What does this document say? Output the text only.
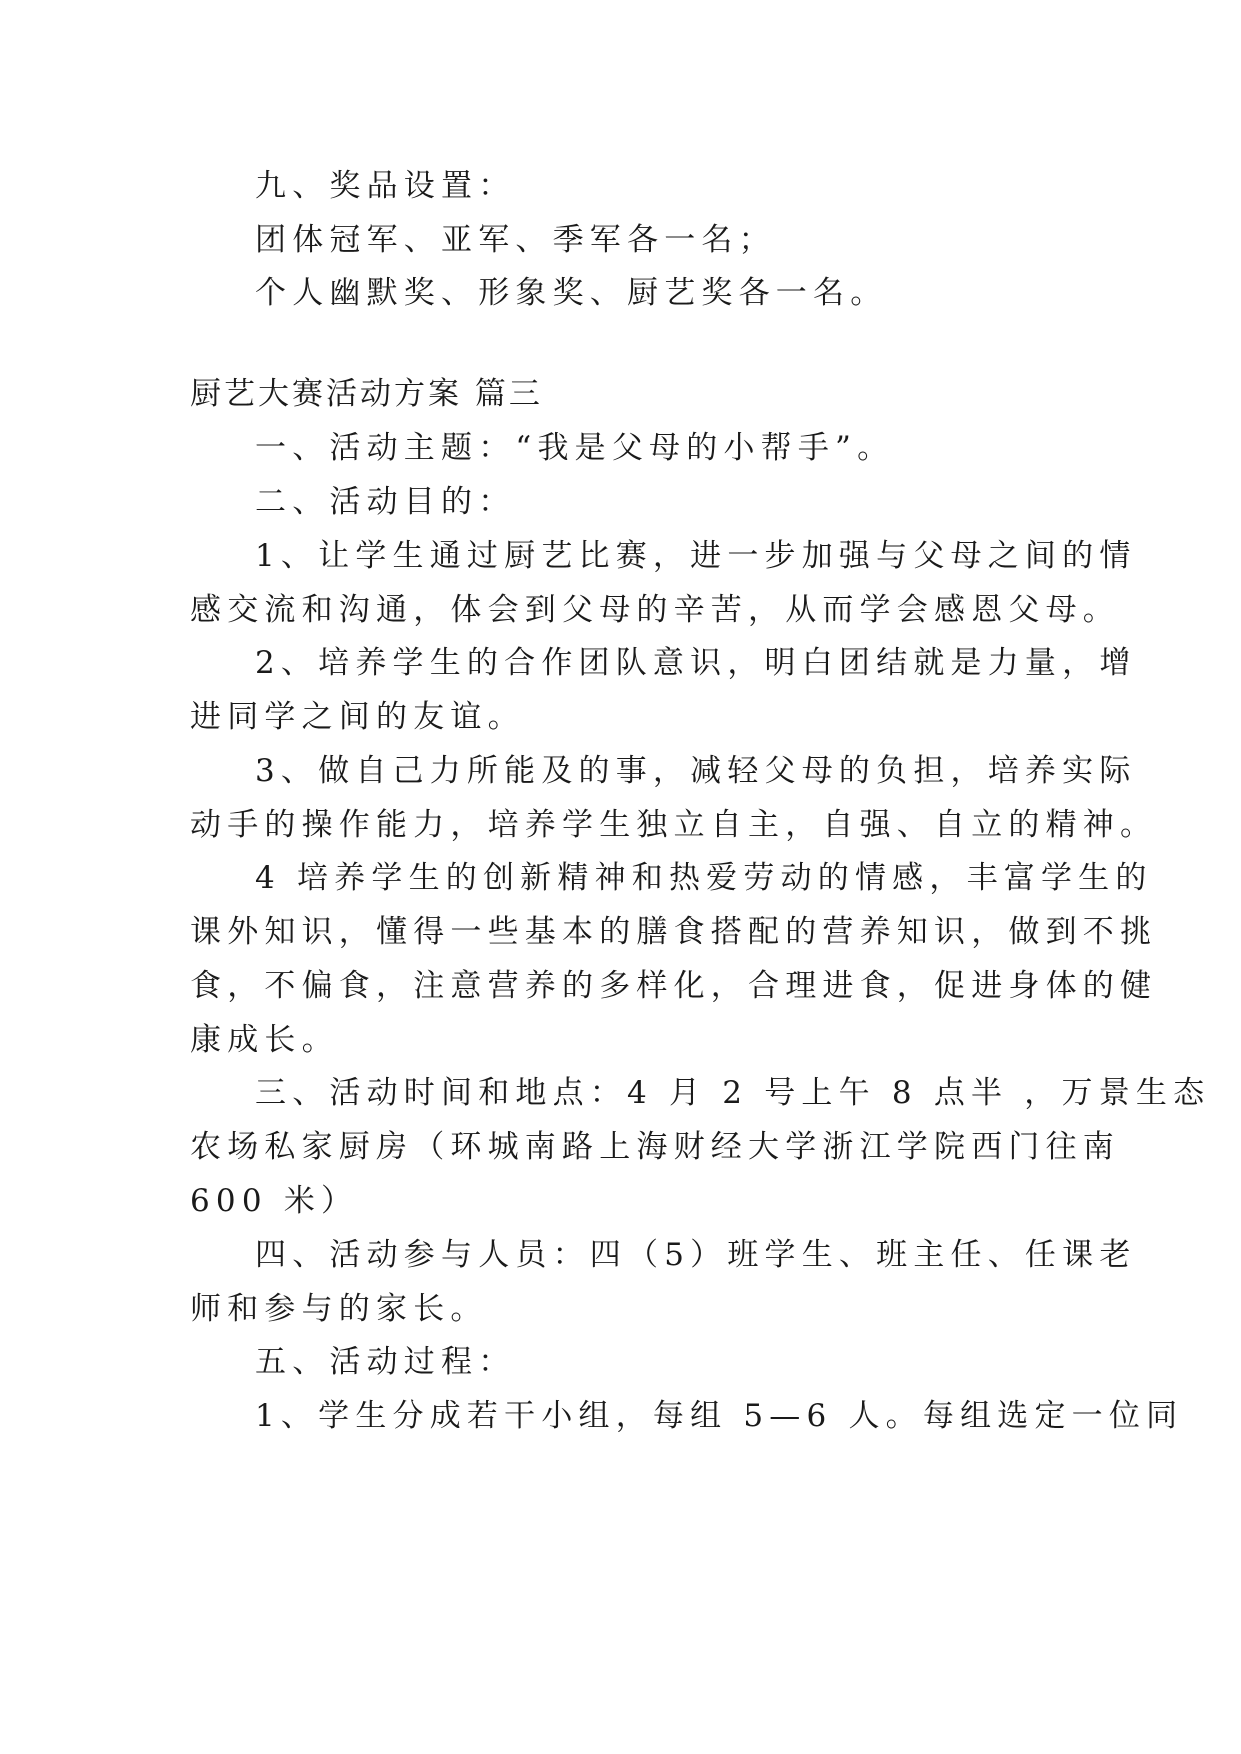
九、奖品设置：
团体冠军、亚军、季军各一名；
个人幽默奖、形象奖、厨艺奖各一名。
厨艺大赛活动方案 篇三
一、活动主题：“我是父母的小帮手”。
二、活动目的：
1、让学生通过厨艺比赛，进一步加强与父母之间的情
感交流和沟通，体会到父母的辛苦，从而学会感恩父母。
2、培养学生的合作团队意识，明白团结就是力量，增
进同学之间的友谊。
3、做自己力所能及的事，减轻父母的负担，培养实际
动手的操作能力，培养学生独立自主，自强、自立的精神。
4 培养学生的创新精神和热爱劳动的情感，丰富学生的
课外知识，懂得一些基本的膳食搭配的营养知识，做到不挑
食，不偏食，注意营养的多样化，合理进食，促进身体的健
康成长。
三、活动时间和地点：4 月 2 号上午 8 点半 ，万景生态
农场私家厨房（环城南路上海财经大学浙江学院西门往南
600 米）
四、活动参与人员：四（5）班学生、班主任、任课老
师和参与的家长。
五、活动过程：
1、学生分成若干小组，每组 5—6 人。每组选定一位同
